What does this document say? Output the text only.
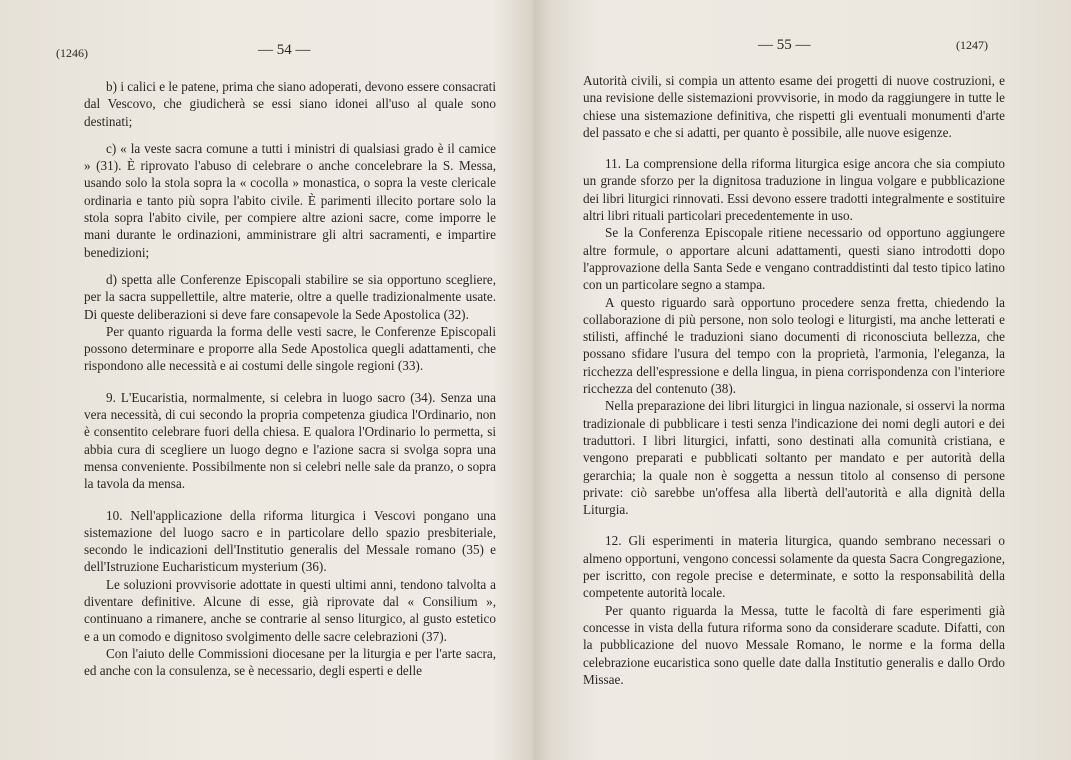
(1246)	— 54 —

b) i calici e le patene, prima che siano adoperati, devono essere consacrati dal Vescovo, che giudicherà se essi siano idonei all'uso al quale sono destinati;

c) « la veste sacra comune a tutti i ministri di qualsiasi grado è il camice » (31). È riprovato l'abuso di celebrare o anche concelebrare la S. Messa, usando solo la stola sopra la « cocolla » monastica, o sopra la veste clericale ordinaria e tanto più sopra l'abito civile. È parimenti illecito portare solo la stola sopra l'abito civile, per compiere altre azioni sacre, come imporre le mani durante le ordinazioni, amministrare gli altri sacramenti, e impartire benedizioni;

d) spetta alle Conferenze Episcopali stabilire se sia opportuno scegliere, per la sacra suppellettile, altre materie, oltre a quelle tradizionalmente usate. Di queste deliberazioni si deve fare consapevole la Sede Apostolica (32).

Per quanto riguarda la forma delle vesti sacre, le Conferenze Episcopali possono determinare e proporre alla Sede Apostolica quegli adattamenti, che rispondono alle necessità e ai costumi delle singole regioni (33).

9. L'Eucaristia, normalmente, si celebra in luogo sacro (34). Senza una vera necessità, di cui secondo la propria competenza giudica l'Ordinario, non è consentito celebrare fuori della chiesa. E qualora l'Ordinario lo permetta, si abbia cura di scegliere un luogo degno e l'azione sacra si svolga sopra una mensa conveniente. Possibilmente non si celebri nelle sale da pranzo, o sopra la tavola da mensa.

10. Nell'applicazione della riforma liturgica i Vescovi pongano una sistemazione del luogo sacro e in particolare dello spazio presbiteriale, secondo le indicazioni dell'Institutio generalis del Messale romano (35) e dell'Istruzione Eucharisticum mysterium (36).

Le soluzioni provvisorie adottate in questi ultimi anni, tendono talvolta a diventare definitive. Alcune di esse, già riprovate dal « Consilium », continuano a rimanere, anche se contrarie al senso liturgico, al gusto estetico e a un comodo e dignitoso svolgimento delle sacre celebrazioni (37).

Con l'aiuto delle Commissioni diocesane per la liturgia e per l'arte sacra, ed anche con la consulenza, se è necessario, degli esperti e delle

— 55 —	(1247)

Autorità civili, si compia un attento esame dei progetti di nuove costruzioni, e una revisione delle sistemazioni provvisorie, in modo da raggiungere in tutte le chiese una sistemazione definitiva, che rispetti gli eventuali monumenti d'arte del passato e che si adatti, per quanto è possibile, alle nuove esigenze.

11. La comprensione della riforma liturgica esige ancora che sia compiuto un grande sforzo per la dignitosa traduzione in lingua volgare e pubblicazione dei libri liturgici rinnovati. Essi devono essere tradotti integralmente e sostituire altri libri rituali particolari precedentemente in uso.

Se la Conferenza Episcopale ritiene necessario od opportuno aggiungere altre formule, o apportare alcuni adattamenti, questi siano introdotti dopo l'approvazione della Santa Sede e vengano contraddistinti dal testo tipico latino con un particolare segno a stampa.

A questo riguardo sarà opportuno procedere senza fretta, chiedendo la collaborazione di più persone, non solo teologi e liturgisti, ma anche letterati e stilisti, affinché le traduzioni siano documenti di riconosciuta bellezza, che possano sfidare l'usura del tempo con la proprietà, l'armonia, l'eleganza, la ricchezza dell'espressione e della lingua, in piena corrispondenza con l'interiore ricchezza del contenuto (38).

Nella preparazione dei libri liturgici in lingua nazionale, si osservi la norma tradizionale di pubblicare i testi senza l'indicazione dei nomi degli autori e dei traduttori. I libri liturgici, infatti, sono destinati alla comunità cristiana, e vengono preparati e pubblicati soltanto per mandato e per autorità della gerarchia; la quale non è soggetta a nessun titolo al consenso di persone private: ciò sarebbe un'offesa alla libertà dell'autorità e alla dignità della Liturgia.

12. Gli esperimenti in materia liturgica, quando sembrano necessari o almeno opportuni, vengono concessi solamente da questa Sacra Congregazione, per iscritto, con regole precise e determinate, e sotto la responsabilità della competente autorità locale.

Per quanto riguarda la Messa, tutte le facoltà di fare esperimenti già concesse in vista della futura riforma sono da considerare scadute. Difatti, con la pubblicazione del nuovo Messale Romano, le norme e la forma della celebrazione eucaristica sono quelle date dalla Institutio generalis e dallo Ordo Missae.
